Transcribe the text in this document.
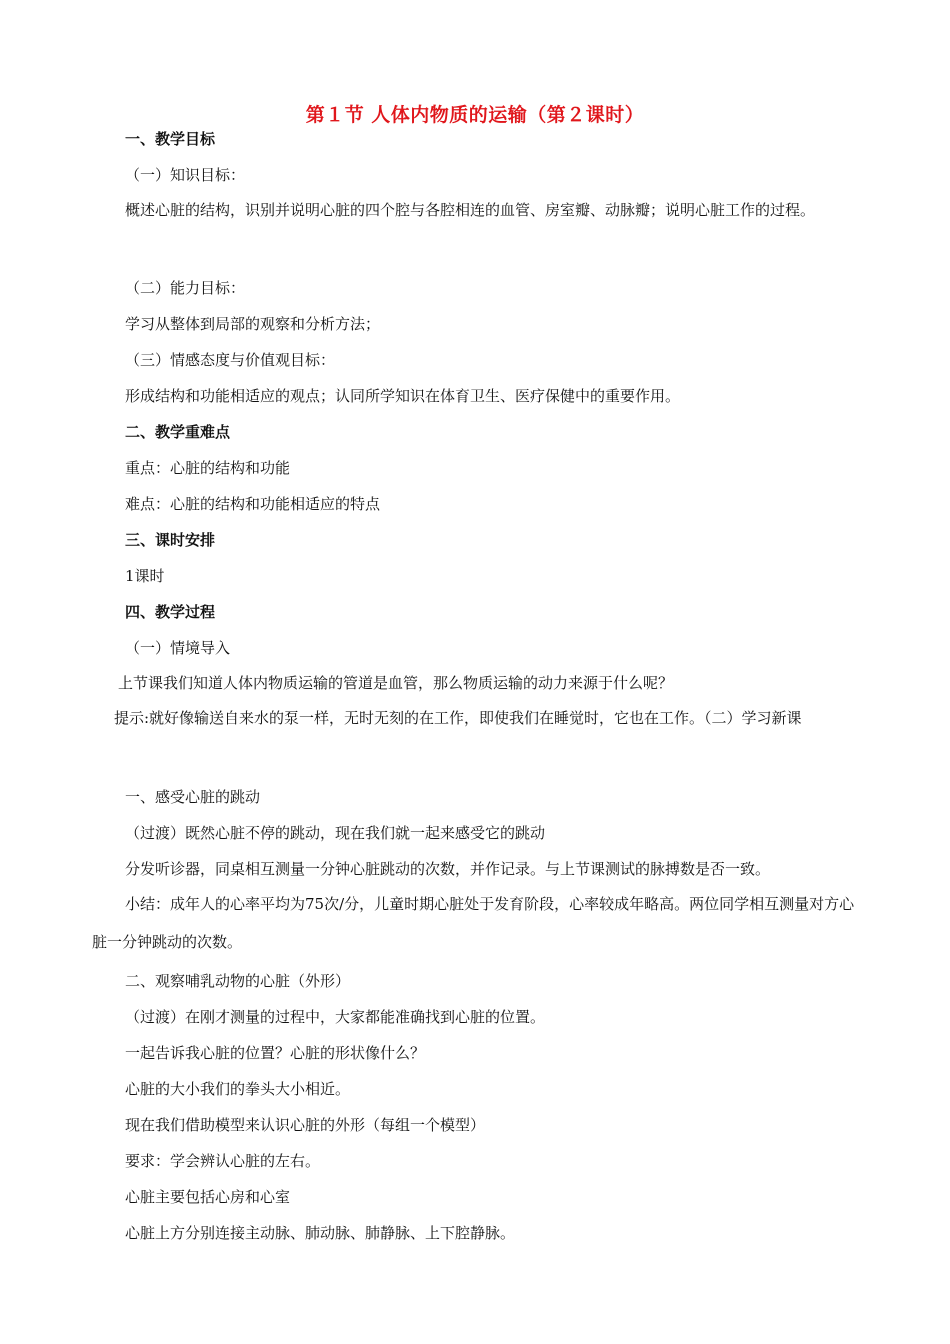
第１节 人体内物质的运输（第２课时）
一、教学目标
（一）知识目标：
概述心脏的结构，识别并说明心脏的四个腔与各腔相连的血管、房室瓣、动脉瓣；说明心脏工作的过程。
（二）能力目标：
学习从整体到局部的观察和分析方法；
（三）情感态度与价值观目标：
形成结构和功能相适应的观点；认同所学知识在体育卫生、医疗保健中的重要作用。
二、教学重难点
重点：心脏的结构和功能
难点：心脏的结构和功能相适应的特点
三、课时安排
1课时
四、教学过程
（一）情境导入
上节课我们知道人体内物质运输的管道是血管，那么物质运输的动力来源于什么呢？
提示:就好像输送自来水的泵一样，无时无刻的在工作，即使我们在睡觉时，它也在工作。（二）学习新课
一、感受心脏的跳动
（过渡）既然心脏不停的跳动，现在我们就一起来感受它的跳动
分发听诊器，同桌相互测量一分钟心脏跳动的次数，并作记录。与上节课测试的脉搏数是否一致。
小结：成年人的心率平均为75次/分，儿童时期心脏处于发育阶段，心率较成年略高。两位同学相互测量对方心脏一分钟跳动的次数。
二、观察哺乳动物的心脏（外形）
（过渡）在刚才测量的过程中，大家都能准确找到心脏的位置。
一起告诉我心脏的位置？心脏的形状像什么？
心脏的大小我们的拳头大小相近。
现在我们借助模型来认识心脏的外形（每组一个模型）
要求：学会辨认心脏的左右。
心脏主要包括心房和心室
心脏上方分别连接主动脉、肺动脉、肺静脉、上下腔静脉。
